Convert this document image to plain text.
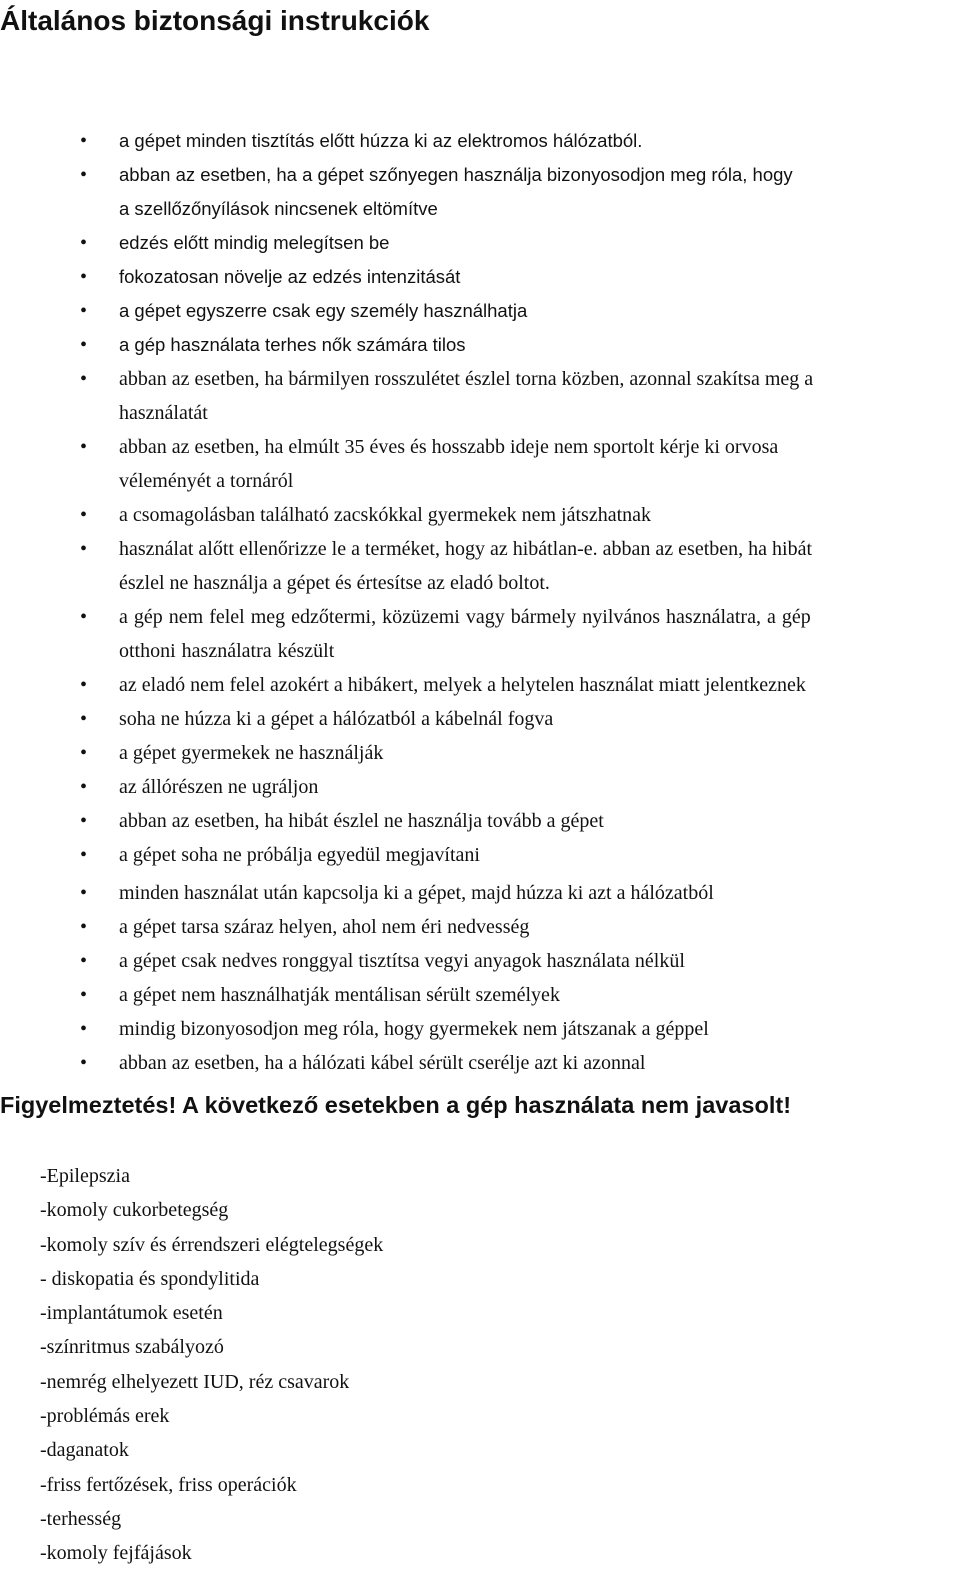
Általános biztonsági instrukciók
• a gépet minden tisztítás előtt húzza ki az elektromos hálózatból.
• abban az esetben, ha a gépet szőnyegen használja bizonyosodjon meg róla, hogy
a szellőzőnyílások nincsenek eltömítve
• edzés előtt mindig melegítsen be
• fokozatosan növelje az edzés intenzitását
• a gépet egyszerre csak egy személy használhatja
• a gép használata terhes nők számára tilos
• abban az esetben, ha bármilyen rosszulétet észlel torna közben, azonnal szakítsa meg a
használatát
• abban az esetben, ha elmúlt 35 éves és hosszabb ideje nem sportolt kérje ki orvosa
véleményét a tornáról
• a csomagolásban található zacskókkal gyermekek nem játszhatnak
• használat alőtt ellenőrizze le a terméket, hogy az hibátlan-e. abban az esetben, ha hibát
észlel ne használja a gépet és értesítse az eladó boltot.
• a gép nem felel meg edzőtermi, közüzemi vagy bármely nyilvános használatra, a gép
otthoni használatra készült
• az eladó nem felel azokért a hibákert, melyek a helytelen használat miatt jelentkeznek
• soha ne húzza ki a gépet a hálózatból a kábelnál fogva
• a gépet gyermekek ne használják
• az állórészen ne ugráljon
• abban az esetben, ha hibát észlel ne használja tovább a gépet
• a gépet soha ne próbálja egyedül megjavítani
• minden használat után kapcsolja ki a gépet, majd húzza ki azt a hálózatból
• a gépet tarsa száraz helyen, ahol nem éri nedvesség
• a gépet csak nedves ronggyal tisztítsa vegyi anyagok használata nélkül
• a gépet nem használhatják mentálisan sérült személyek
• mindig bizonyosodjon meg róla, hogy gyermekek nem játszanak a géppel
• abban az esetben, ha a hálózati kábel sérült cserélje azt ki azonnal
Figyelmeztetés! A következő esetekben a gép használata nem javasolt!
-Epilepszia
-komoly cukorbetegség
-komoly szív és érrendszeri elégtelegségek
- diskopatia és spondylitida
-implantátumok esetén
-színritmus szabályozó
-nemrég elhelyezett IUD, réz csavarok
-problémás erek
-daganatok
-friss fertőzések, friss operációk
-terhesség
-komoly fejfájások
